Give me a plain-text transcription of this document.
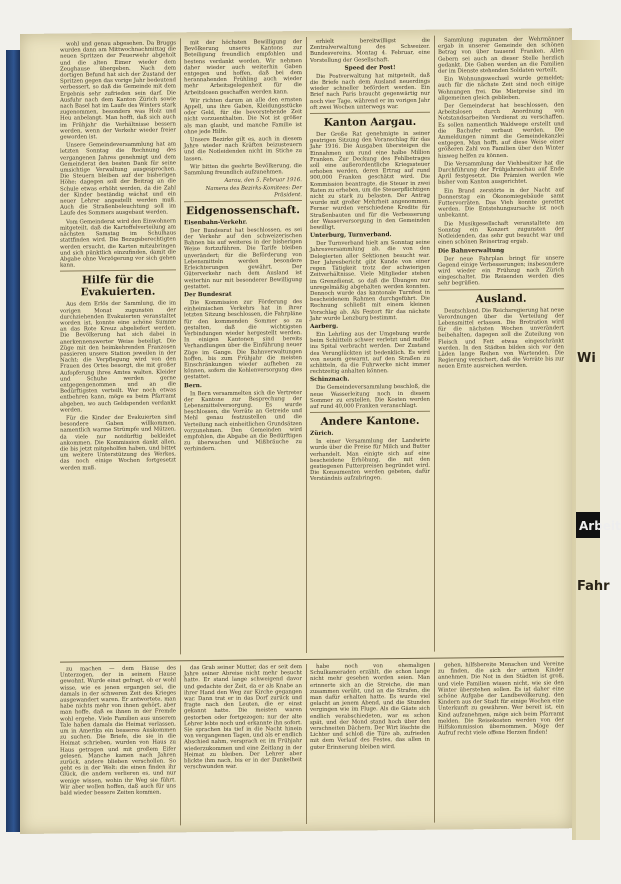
wohl und genau abgesehen. Da Bruggs wurden dann am Mittwochnachmittag die neuen Spritzen der Feuerwehr abgeholt und die alten Eimer wieder dem Zeughause übergeben. Nach dem dortigen Befund hat sich der Zustand der Spritzen gegen das vorige Jahr bedeutend verbessert, so daß die Gemeinde mit dem Ergebnis sehr zufrieden sein darf. Die Ausfuhr nach dem Kanton Zürich sowie nach Basel hat im Laufe des Winters stark zugenommen, besonders was Holz und Heu anbelangt. Man hofft, daß sich auch im Frühjahr die Verhältnisse bessern werden, wenn der Verkehr wieder freier geworden ist.

Unsere Gemeindeversammlung hat am letzten Sonntag die Rechnung des vergangenen Jahres genehmigt und dem Gemeinderat den besten Dank für seine umsichtige Verwaltung ausgesprochen. Die Steuern bleiben auf der bisherigen Höhe; dagegen soll der Beitrag an die Schule etwas erhöht werden, da die Zahl der Kinder beständig wächst und ein neuer Lehrer angestellt werden muß. Auch die Straßenbeleuchtung soll im Laufe des Sommers ausgebaut werden.

Vom Gemeinderat wird den Einwohnern mitgeteilt, daß die Kartoffelverteilung am nächsten Samstag im Schulhaus stattfinden wird. Die Bezugsberechtigten werden ersucht, die Karten mitzubringen und sich pünktlich einzufinden, damit die Abgabe ohne Verzögerung vor sich gehen kann.

Hilfe für die Evakuierten.

Aus dem Erlös der Sammlung, die im vorigen Monat zugunsten der durchziehenden Evakuierten veranstaltet worden ist, konnte eine schöne Summe an das Rote Kreuz abgeliefert werden. Die Bevölkerung hat sich dabei in anerkennenswerter Weise beteiligt. Die Züge mit den heimkehrenden Franzosen passieren unsere Station jeweilen in der Nacht; die Verpflegung wird von den Frauen des Ortes besorgt, die mit großer Aufopferung ihres Amtes walten. Kleider und Schuhe werden gerne entgegengenommen und an die Bedürftigsten verteilt. Wer noch etwas entbehren kann, möge es beim Pfarramt abgeben, wo auch Geldspenden verdankt werden.

Für die Kinder der Evakuierten sind besondere Gaben willkommen, namentlich warme Strümpfe und Mützen, da viele nur notdürftig bekleidet ankommen. Die Kommission dankt allen, die bis jetzt mitgeholfen haben, und bittet um weitere Unterstützung des Werkes, das noch einige Wochen fortgesetzt werden muß.

mit der höchsten Bewilligung der Bevölkerung unseres Kantons zur Beteiligung freundlich empfohlen und bestens verdankt worden. Wir nehmen daher wieder auch weiterhin Gaben entgegen und hoffen, daß bei dem herannahenden Frühling auch wieder mehr Arbeitsgelegenheit für die Arbeitslosen geschaffen werden kann.

Wir richten darum an alle den ernsten Appell, uns ihre Gaben, Kleidungsstücke oder Geld, für die bevorstehende Zeit nicht vorzuenthalten. Die Not ist größer als man glaubt, und manche Familie ist ohne jede Hilfe.

Unsere Bezirke gilt es, auch in diesem Jahre wieder nach Kräften beizusteuern und die Notleidenden nicht im Stiche zu lassen.

Wir bitten die geehrte Bevölkerung, die Sammlung freundlich aufzunehmen.

Aarau, den 5. Februar 1916.

Namens des Bezirks-Komitees: Der Präsident.

Eidgenossenschaft.
Eisenbahn-Verkehr.

Der Bundesrat hat beschlossen, es sei der Verkehr auf den schweizerischen Bahnen bis auf weiteres in der bisherigen Weise fortzuführen. Die Tarife bleiben unverändert; für die Beförderung von Lebensmitteln werden besondere Erleichterungen gewährt. Der Güterverkehr nach dem Ausland ist weiterhin nur mit besonderer Bewilligung gestattet.

Der Bundesrat

Die Kommission zur Förderung des einheimischen Verkehrs hat in ihrer letzten Sitzung beschlossen, die Fahrpläne für den kommenden Sommer so zu gestalten, daß die wichtigsten Verbindungen wieder hergestellt werden. In einigen Kantonen sind bereits Verhandlungen über die Einführung neuer Züge im Gange. Die Bahnverwaltungen hoffen, bis zum Frühjahr die meisten Einschränkungen wieder aufheben zu können, sofern die Kohlenversorgung dies gestattet.

Bern.

In Bern versammelten sich die Vertreter der Kantone zur Besprechung der Lebensmittelversorgung. Es wurde beschlossen, die Vorräte an Getreide und Mehl genau festzustellen und die Verteilung nach einheitlichen Grundsätzen vorzunehmen. Den Gemeinden wird empfohlen, die Abgabe an die Bedürftigen zu überwachen und Mißbräuche zu verhindern.

erhielt bereitwilligst die Zentralverwaltung des Schweizer. Bundesvereins, Montag 4. Februar, eine Vorstellung der Gesellschaft.

Speed der Post!

Die Postverwaltung hat mitgeteilt, daß die Briefe nach dem Ausland neuerdings wieder schneller befördert werden. Ein Brief nach Paris braucht gegenwärtig nur noch vier Tage, während er im vorigen Jahr oft zwei Wochen unterwegs war.

Kanton Aargau.

Der Große Rat genehmigte in seiner gestrigen Sitzung den Voranschlag für das Jahr 1916. Die Ausgaben übersteigen die Einnahmen um rund eine halbe Million Franken. Zur Deckung des Fehlbetrages soll eine außerordentliche Kriegssteuer erhoben werden, deren Ertrag auf rund 900,000 Franken geschätzt wird. Die Kommission beantragte, die Steuer in zwei Raten zu erheben, um die Steuerpflichtigen nicht zu stark zu belasten. Der Antrag wurde mit großer Mehrheit angenommen. Ferner wurden verschiedene Kredite für Straßenbauten und für die Verbesserung der Wasserversorgung in den Gemeinden bewilligt.

Unterburg, Turnverband.

Der Turnverband hielt am Sonntag seine Jahresversammlung ab, die von den Delegierten aller Sektionen besucht war. Der Jahresbericht gibt Kunde von einer regen Tätigkeit trotz der schwierigen Zeitverhältnisse. Viele Mitglieder stehen im Grenzdienst, so daß die Übungen nur unregelmäßig abgehalten werden konnten. Dennoch wurde das kantonale Turnfest in bescheidenem Rahmen durchgeführt. Die Rechnung schließt mit einem kleinen Vorschlag ab. Als Festort für das nächste Jahr wurde Lenzburg bestimmt.

Aarberg.

Ein Lehrling aus der Umgebung wurde beim Schlitteln schwer verletzt und mußte ins Spital verbracht werden. Der Zustand des Verunglückten ist bedenklich. Es wird von neuem gewarnt, auf den Straßen zu schlitteln, da die Fuhrwerke nicht immer rechtzeitig anhalten können.

Schinznach.

Die Gemeindeversammlung beschloß, die neue Wasserleitung noch in diesem Sommer zu erstellen. Die Kosten werden auf rund 40,000 Franken veranschlagt.

Andere Kantone.
Zürich.

In einer Versammlung der Landwirte wurde über die Preise für Milch und Butter verhandelt. Man einigte sich auf eine bescheidene Erhöhung, die mit den gestiegenen Futterpreisen begründet wird. Die Konsumenten werden gebeten, dafür Verständnis aufzubringen.

Sammlung zugunsten der Wehrmänner ergab in unserer Gemeinde den schönen Betrag von über tausend Franken. Allen Gebern sei auch an dieser Stelle herzlich gedankt. Die Gaben werden an die Familien der im Dienste stehenden Soldaten verteilt.

Ein Wohnungswechsel wurde gemeldet; auch für die nächste Zeit sind noch einige Wohnungen frei. Die Mietpreise sind im allgemeinen gleich geblieben.

Der Gemeinderat hat beschlossen, den Arbeitslosen durch Anordnung von Notstandsarbeiten Verdienst zu verschaffen. Es sollen namentlich Waldwege erstellt und die Bachufer verbaut werden. Die Anmeldungen nimmt die Gemeindekanzlei entgegen. Man hofft, auf diese Weise einer größeren Zahl von Familien über den Winter hinweg helfen zu können.

Die Versammlung der Viehbesitzer hat die Durchführung der Frühjahrsschau auf Ende April festgesetzt. Die Prämien werden wie bisher vom Kanton ausgerichtet.

Ein Brand zerstörte in der Nacht auf Donnerstag ein Ökonomiegebäude samt Futtervorräten. Das Vieh konnte gerettet werden. Die Entstehungsursache ist noch unbekannt.

Die Musikgesellschaft veranstaltete am Sonntag ein Konzert zugunsten der Notleidenden, das sehr gut besucht war und einen schönen Reinertrag ergab.

Die Bahnverwaltung

Der neue Fahrplan bringt für unsere Gegend einige Verbesserungen; insbesondere wird wieder ein Frühzug nach Zürich eingeschaltet. Die Reisenden werden dies sehr begrüßen.

Ausland.

Deutschland. Die Reichsregierung hat neue Verordnungen über die Verteilung der Lebensmittel erlassen. Die Brotration wird für die nächsten Wochen unverändert beibehalten, dagegen soll die Zuteilung von Fleisch und Fett etwas eingeschränkt werden. In den Städten bilden sich vor den Läden lange Reihen von Wartenden. Die Regierung versichert, daß die Vorräte bis zur neuen Ernte ausreichen werden.

zu machen — dem Hause des Unterzogen, der in seinem Hause gewohnt. Wurde einst gefragt, ob er wohl wisse, wie es jenen ergangen sei, die damals in der schweren Zeit des Krieges ausgewandert waren. Er antwortete, man habe nichts mehr von ihnen gehört, aber man hoffe, daß es ihnen in der Fremde wohl ergehe. Viele Familien aus unserem Tale haben damals die Heimat verlassen, um in Amerika ein besseres Auskommen zu suchen. Die Briefe, die sie in die Heimat schrieben, wurden von Haus zu Haus getragen und mit großem Eifer gelesen. Manche kamen nach Jahren zurück, andere blieben verschollen. So geht es in der Welt: die einen finden ihr Glück, die andern verlieren es, und nur wenige wissen, wohin ihr Weg sie führt. Wir aber wollen hoffen, daß auch für uns bald wieder bessere Zeiten kommen.

das Grab seiner Mutter, das er seit dem Jahre seiner Abreise nicht mehr besucht hatte. Er stand lange schweigend davor und gedachte der Zeit, da er als Knabe an ihrer Hand den Weg zur Kirche gegangen war. Dann trat er in das Dorf zurück und fragte nach den Leuten, die er einst gekannt hatte. Die meisten waren gestorben oder fortgezogen; nur der alte Lehrer lebte noch und erkannte ihn sofort. Sie sprachen bis tief in die Nacht hinein von vergangenen Tagen, und als er endlich Abschied nahm, versprach er, im Frühjahr wiederzukommen und eine Zeitlang in der Heimat zu bleiben. Der Lehrer aber blickte ihm nach, bis er in der Dunkelheit verschwunden war.

habe noch von ehemaligen Schulkameraden erzählt, die schon lange nicht mehr gesehen worden seien. Man erinnerte sich an die Streiche, die man zusammen verübt, und an die Strafen, die man dafür erhalten hatte. Es wurde viel gelacht an jenem Abend, und die Stunden vergingen wie im Fluge. Als die Gäste sich endlich verabschiedeten, war es schon spät, und der Mond stand hoch über den verschneiten Dächern. Der Wirt löschte die Lichter und schloß die Türe ab, zufrieden mit dem Verlauf des Festes, das allen in guter Erinnerung bleiben wird.

gehen, hilfsbereite Menschen und Vereine zu finden, die sich der armen Kinder annehmen. Die Not in den Städten ist groß, und viele Familien wissen nicht, wie sie den Winter überstehen sollen. Es ist daher eine schöne Aufgabe der Landbevölkerung, den Kindern aus der Stadt für einige Wochen eine Unterkunft zu gewähren. Wer bereit ist, ein Kind aufzunehmen, möge sich beim Pfarramt melden. Die Reisekosten werden von der Hilfskommission übernommen. Möge der Aufruf recht viele offene Herzen finden!

Wi
Arbeit
Fahr
